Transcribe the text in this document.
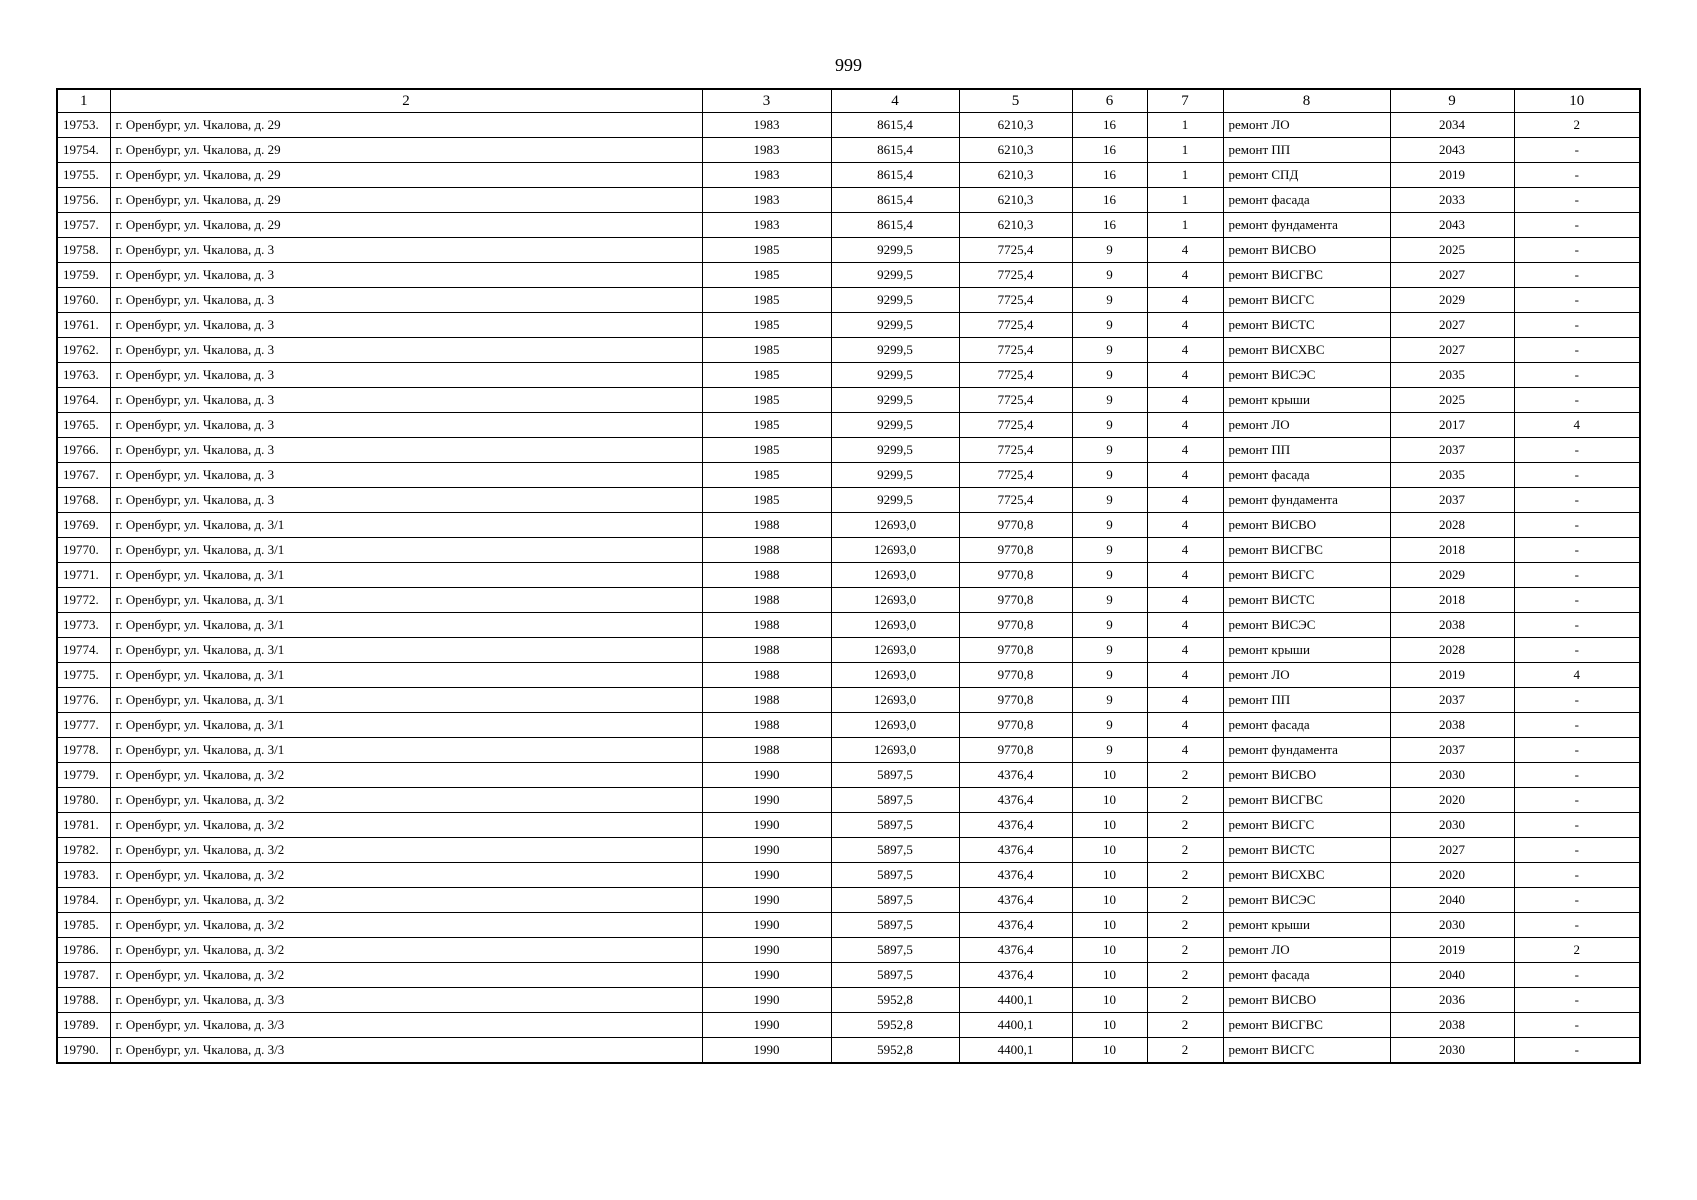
999
1	2	3	4	5	6	7	8	9	10
19753.	г. Оренбург, ул. Чкалова, д. 29	1983	8615,4	6210,3	16	1	ремонт ЛО	2034	2
19754.	г. Оренбург, ул. Чкалова, д. 29	1983	8615,4	6210,3	16	1	ремонт ПП	2043	-
19755.	г. Оренбург, ул. Чкалова, д. 29	1983	8615,4	6210,3	16	1	ремонт СПД	2019	-
19756.	г. Оренбург, ул. Чкалова, д. 29	1983	8615,4	6210,3	16	1	ремонт фасада	2033	-
19757.	г. Оренбург, ул. Чкалова, д. 29	1983	8615,4	6210,3	16	1	ремонт фундамента	2043	-
19758.	г. Оренбург, ул. Чкалова, д. 3	1985	9299,5	7725,4	9	4	ремонт ВИСВО	2025	-
19759.	г. Оренбург, ул. Чкалова, д. 3	1985	9299,5	7725,4	9	4	ремонт ВИСГВС	2027	-
19760.	г. Оренбург, ул. Чкалова, д. 3	1985	9299,5	7725,4	9	4	ремонт ВИСГС	2029	-
19761.	г. Оренбург, ул. Чкалова, д. 3	1985	9299,5	7725,4	9	4	ремонт ВИСТС	2027	-
19762.	г. Оренбург, ул. Чкалова, д. 3	1985	9299,5	7725,4	9	4	ремонт ВИСХВС	2027	-
19763.	г. Оренбург, ул. Чкалова, д. 3	1985	9299,5	7725,4	9	4	ремонт ВИСЭС	2035	-
19764.	г. Оренбург, ул. Чкалова, д. 3	1985	9299,5	7725,4	9	4	ремонт крыши	2025	-
19765.	г. Оренбург, ул. Чкалова, д. 3	1985	9299,5	7725,4	9	4	ремонт ЛО	2017	4
19766.	г. Оренбург, ул. Чкалова, д. 3	1985	9299,5	7725,4	9	4	ремонт ПП	2037	-
19767.	г. Оренбург, ул. Чкалова, д. 3	1985	9299,5	7725,4	9	4	ремонт фасада	2035	-
19768.	г. Оренбург, ул. Чкалова, д. 3	1985	9299,5	7725,4	9	4	ремонт фундамента	2037	-
19769.	г. Оренбург, ул. Чкалова, д. 3/1	1988	12693,0	9770,8	9	4	ремонт ВИСВО	2028	-
19770.	г. Оренбург, ул. Чкалова, д. 3/1	1988	12693,0	9770,8	9	4	ремонт ВИСГВС	2018	-
19771.	г. Оренбург, ул. Чкалова, д. 3/1	1988	12693,0	9770,8	9	4	ремонт ВИСГС	2029	-
19772.	г. Оренбург, ул. Чкалова, д. 3/1	1988	12693,0	9770,8	9	4	ремонт ВИСТС	2018	-
19773.	г. Оренбург, ул. Чкалова, д. 3/1	1988	12693,0	9770,8	9	4	ремонт ВИСЭС	2038	-
19774.	г. Оренбург, ул. Чкалова, д. 3/1	1988	12693,0	9770,8	9	4	ремонт крыши	2028	-
19775.	г. Оренбург, ул. Чкалова, д. 3/1	1988	12693,0	9770,8	9	4	ремонт ЛО	2019	4
19776.	г. Оренбург, ул. Чкалова, д. 3/1	1988	12693,0	9770,8	9	4	ремонт ПП	2037	-
19777.	г. Оренбург, ул. Чкалова, д. 3/1	1988	12693,0	9770,8	9	4	ремонт фасада	2038	-
19778.	г. Оренбург, ул. Чкалова, д. 3/1	1988	12693,0	9770,8	9	4	ремонт фундамента	2037	-
19779.	г. Оренбург, ул. Чкалова, д. 3/2	1990	5897,5	4376,4	10	2	ремонт ВИСВО	2030	-
19780.	г. Оренбург, ул. Чкалова, д. 3/2	1990	5897,5	4376,4	10	2	ремонт ВИСГВС	2020	-
19781.	г. Оренбург, ул. Чкалова, д. 3/2	1990	5897,5	4376,4	10	2	ремонт ВИСГС	2030	-
19782.	г. Оренбург, ул. Чкалова, д. 3/2	1990	5897,5	4376,4	10	2	ремонт ВИСТС	2027	-
19783.	г. Оренбург, ул. Чкалова, д. 3/2	1990	5897,5	4376,4	10	2	ремонт ВИСХВС	2020	-
19784.	г. Оренбург, ул. Чкалова, д. 3/2	1990	5897,5	4376,4	10	2	ремонт ВИСЭС	2040	-
19785.	г. Оренбург, ул. Чкалова, д. 3/2	1990	5897,5	4376,4	10	2	ремонт крыши	2030	-
19786.	г. Оренбург, ул. Чкалова, д. 3/2	1990	5897,5	4376,4	10	2	ремонт ЛО	2019	2
19787.	г. Оренбург, ул. Чкалова, д. 3/2	1990	5897,5	4376,4	10	2	ремонт фасада	2040	-
19788.	г. Оренбург, ул. Чкалова, д. 3/3	1990	5952,8	4400,1	10	2	ремонт ВИСВО	2036	-
19789.	г. Оренбург, ул. Чкалова, д. 3/3	1990	5952,8	4400,1	10	2	ремонт ВИСГВС	2038	-
19790.	г. Оренбург, ул. Чкалова, д. 3/3	1990	5952,8	4400,1	10	2	ремонт ВИСГС	2030	-
